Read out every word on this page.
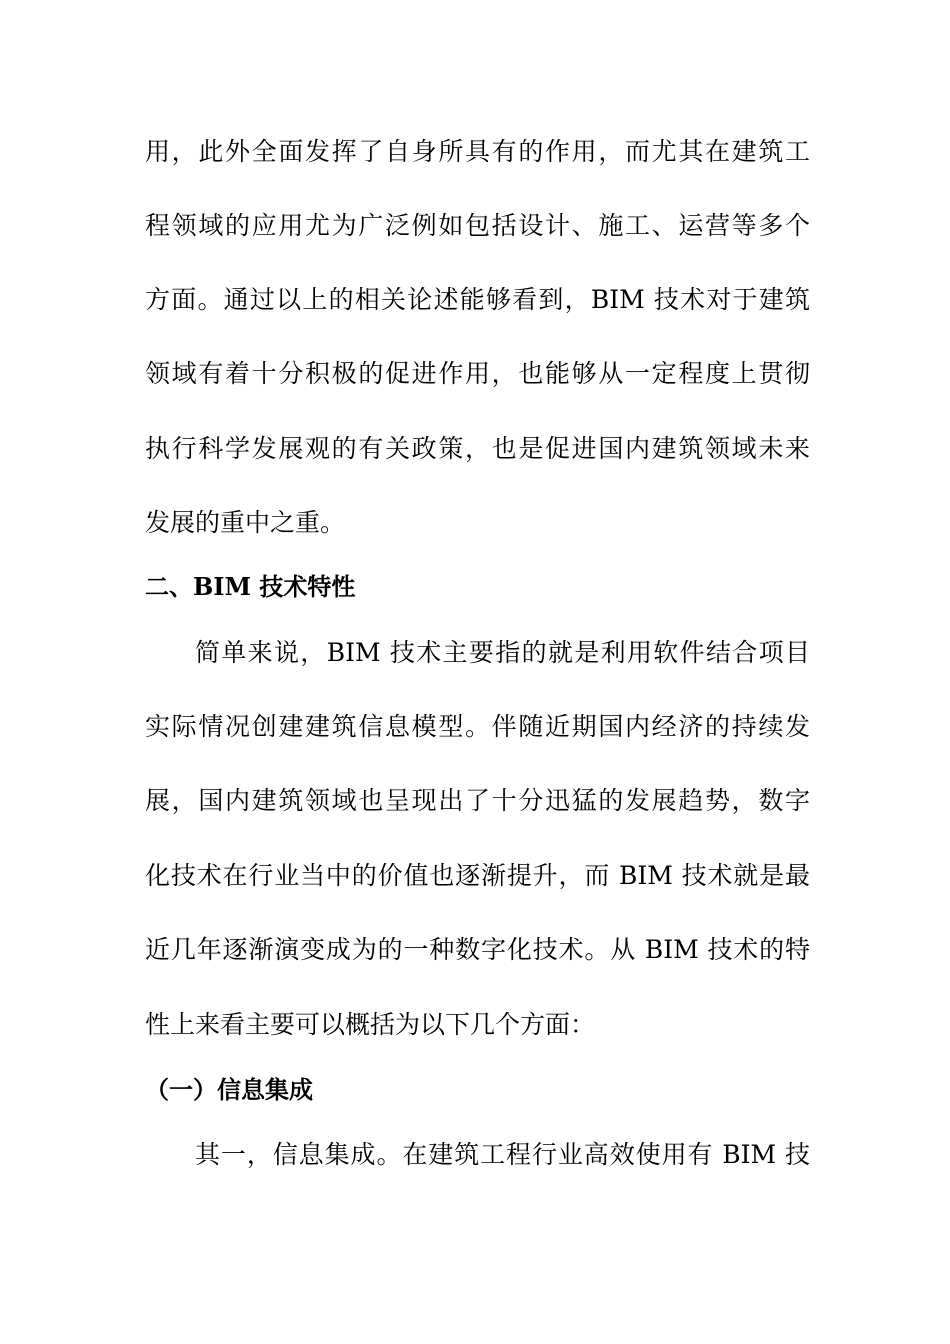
用，此外全面发挥了自身所具有的作用，而尤其在建筑工
程领域的应用尤为广泛例如包括设计、施工、运营等多个
方面。通过以上的相关论述能够看到，BIM 技术对于建筑
领域有着十分积极的促进作用，也能够从一定程度上贯彻
执行科学发展观的有关政策，也是促进国内建筑领域未来
发展的重中之重。
二、BIM 技术特性
简单来说，BIM 技术主要指的就是利用软件结合项目
实际情况创建建筑信息模型。伴随近期国内经济的持续发
展，国内建筑领域也呈现出了十分迅猛的发展趋势，数字
化技术在行业当中的价值也逐渐提升，而 BIM 技术就是最
近几年逐渐演变成为的一种数字化技术。从 BIM 技术的特
性上来看主要可以概括为以下几个方面：
（一）信息集成
其一，信息集成。在建筑工程行业高效使用有 BIM 技
